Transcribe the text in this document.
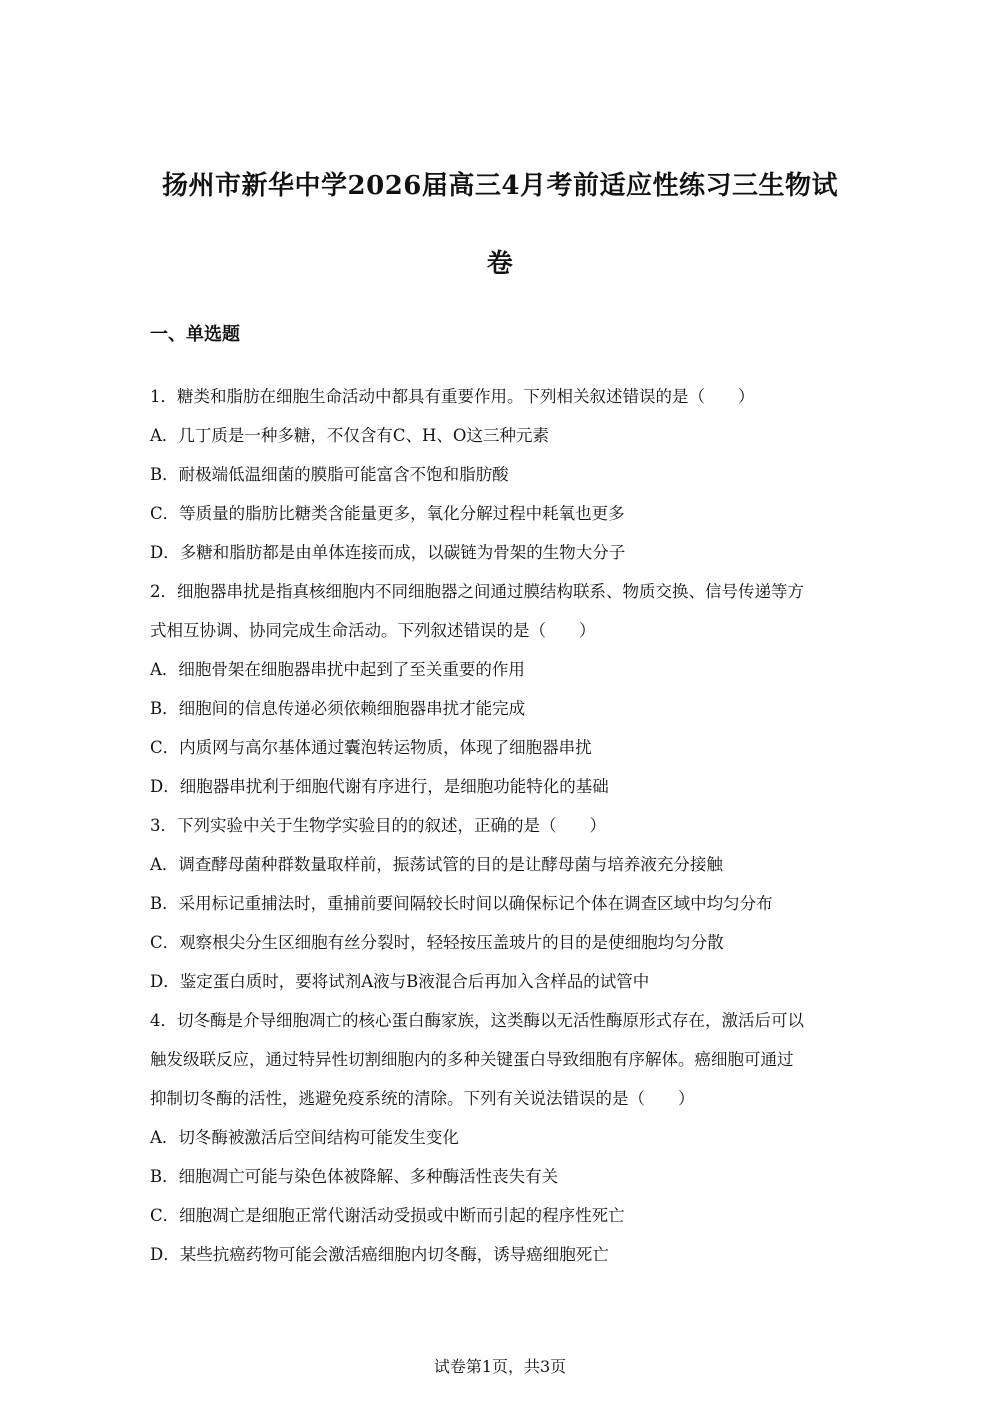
扬州市新华中学2026届高三4月考前适应性练习三生物试
卷
一、单选题
1．糖类和脂肪在细胞生命活动中都具有重要作用。下列相关叙述错误的是（　　）
A．几丁质是一种多糖，不仅含有C、H、O这三种元素
B．耐极端低温细菌的膜脂可能富含不饱和脂肪酸
C．等质量的脂肪比糖类含能量更多，氧化分解过程中耗氧也更多
D．多糖和脂肪都是由单体连接而成，以碳链为骨架的生物大分子
2．细胞器串扰是指真核细胞内不同细胞器之间通过膜结构联系、物质交换、信号传递等方
式相互协调、协同完成生命活动。下列叙述错误的是（　　）
A．细胞骨架在细胞器串扰中起到了至关重要的作用
B．细胞间的信息传递必须依赖细胞器串扰才能完成
C．内质网与高尔基体通过囊泡转运物质，体现了细胞器串扰
D．细胞器串扰利于细胞代谢有序进行，是细胞功能特化的基础
3．下列实验中关于生物学实验目的的叙述，正确的是（　　）
A．调查酵母菌种群数量取样前，振荡试管的目的是让酵母菌与培养液充分接触
B．采用标记重捕法时，重捕前要间隔较长时间以确保标记个体在调查区域中均匀分布
C．观察根尖分生区细胞有丝分裂时，轻轻按压盖玻片的目的是使细胞均匀分散
D．鉴定蛋白质时，要将试剂A液与B液混合后再加入含样品的试管中
4．切冬酶是介导细胞凋亡的核心蛋白酶家族，这类酶以无活性酶原形式存在，激活后可以
触发级联反应，通过特异性切割细胞内的多种关键蛋白导致细胞有序解体。癌细胞可通过
抑制切冬酶的活性，逃避免疫系统的清除。下列有关说法错误的是（　　）
A．切冬酶被激活后空间结构可能发生变化
B．细胞凋亡可能与染色体被降解、多种酶活性丧失有关
C．细胞凋亡是细胞正常代谢活动受损或中断而引起的程序性死亡
D．某些抗癌药物可能会激活癌细胞内切冬酶，诱导癌细胞死亡
试卷第1页，共3页
